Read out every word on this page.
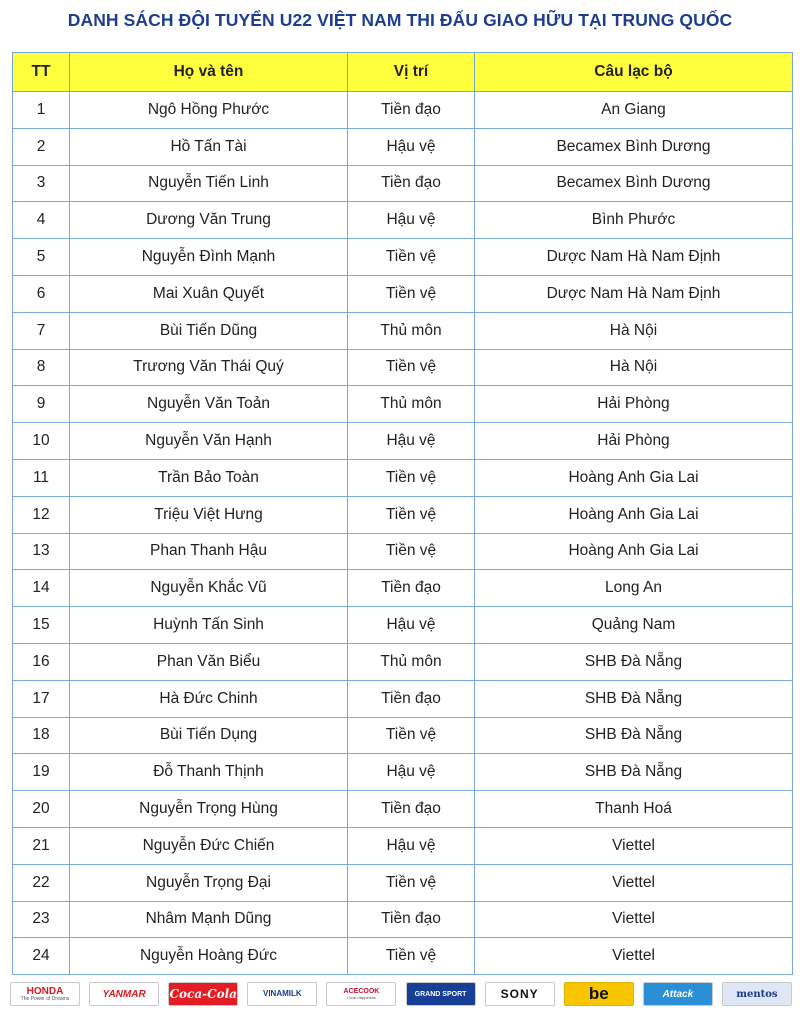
DANH SÁCH ĐỘI TUYỂN U22 VIỆT NAM THI ĐẤU GIAO HỮU TẠI TRUNG QUỐC
TT	Họ và tên	Vị trí	Câu lạc bộ
1	Ngô Hồng Phước	Tiền đạo	An Giang
2	Hồ Tấn Tài	Hậu vệ	Becamex Bình Dương
3	Nguyễn Tiến Linh	Tiền đạo	Becamex Bình Dương
4	Dương Văn Trung	Hậu vệ	Bình Phước
5	Nguyễn Đình Mạnh	Tiền vệ	Dược Nam Hà Nam Định
6	Mai Xuân Quyết	Tiền vệ	Dược Nam Hà Nam Định
7	Bùi Tiến Dũng	Thủ môn	Hà Nội
8	Trương Văn Thái Quý	Tiền vệ	Hà Nội
9	Nguyễn Văn Toản	Thủ môn	Hải Phòng
10	Nguyễn Văn Hạnh	Hậu vệ	Hải Phòng
11	Trần Bảo Toàn	Tiền vệ	Hoàng Anh Gia Lai
12	Triệu Việt Hưng	Tiền vệ	Hoàng Anh Gia Lai
13	Phan Thanh Hậu	Tiền vệ	Hoàng Anh Gia Lai
14	Nguyễn Khắc Vũ	Tiền đạo	Long An
15	Huỳnh Tấn Sinh	Hậu vệ	Quảng Nam
16	Phan Văn Biểu	Thủ môn	SHB Đà Nẵng
17	Hà Đức Chinh	Tiền đạo	SHB Đà Nẵng
18	Bùi Tiến Dụng	Tiền vệ	SHB Đà Nẵng
19	Đỗ Thanh Thịnh	Hậu vệ	SHB Đà Nẵng
20	Nguyễn Trọng Hùng	Tiền đạo	Thanh Hoá
21	Nguyễn Đức Chiến	Hậu vệ	Viettel
22	Nguyễn Trọng Đại	Tiền vệ	Viettel
23	Nhâm Mạnh Dũng	Tiền đạo	Viettel
24	Nguyễn Hoàng Đức	Tiền vệ	Viettel
HONDA
The Power of Dreams	YANMAR Coca-Cola	VINAMILK	ACECOOK
Cook happiness	GRAND SPORT	SONY	be	Attack	mentos
